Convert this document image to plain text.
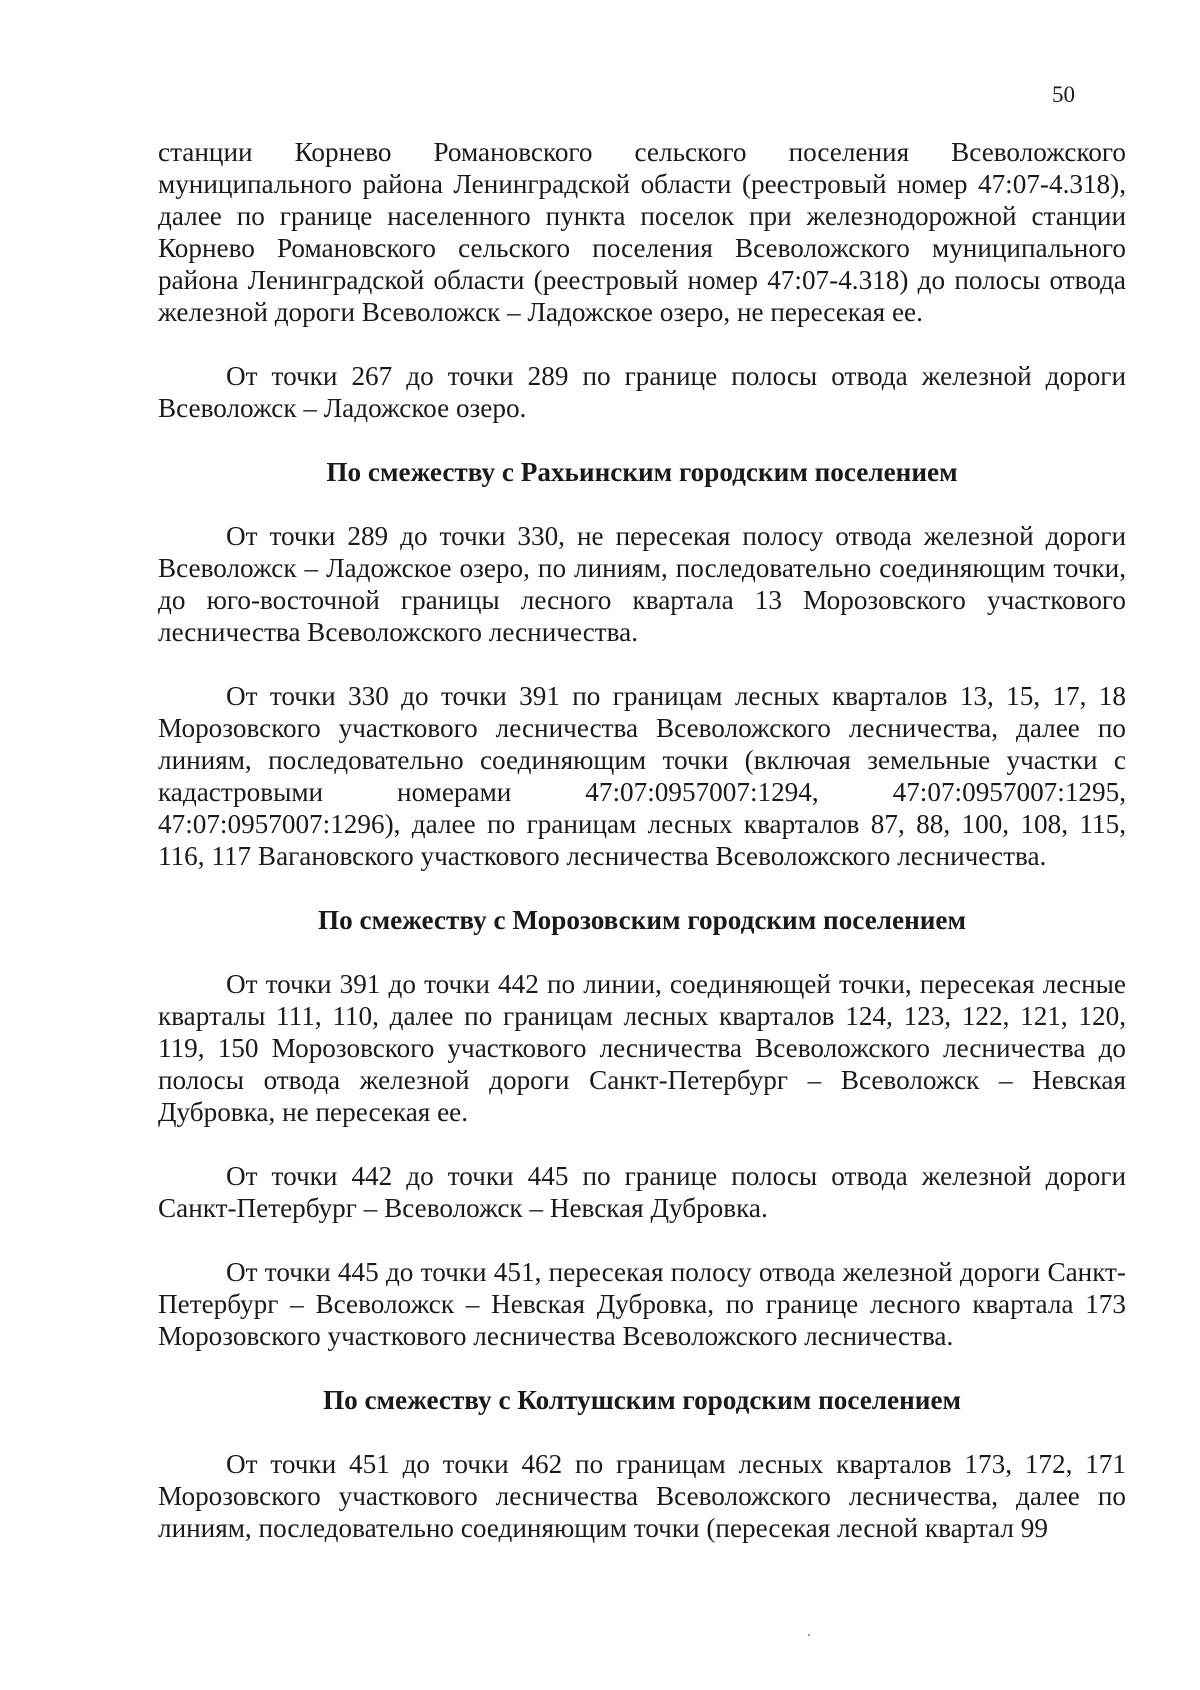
50

станции Корнево Романовского сельского поселения Всеволожского муниципального района Ленинградской области (реестровый номер 47:07-4.318), далее по границе населенного пункта поселок при железнодорожной станции Корнево Романовского сельского поселения Всеволожского муниципального района Ленинградской области (реестровый номер 47:07-4.318) до полосы отвода железной дороги Всеволожск – Ладожское озеро, не пересекая ее.

От точки 267 до точки 289 по границе полосы отвода железной дороги Всеволожск – Ладожское озеро.

По смежеству с Рахьинским городским поселением

От точки 289 до точки 330, не пересекая полосу отвода железной дороги Всеволожск – Ладожское озеро, по линиям, последовательно соединяющим точки, до юго-восточной границы лесного квартала 13 Морозовского участкового лесничества Всеволожского лесничества.

От точки 330 до точки 391 по границам лесных кварталов 13, 15, 17, 18 Морозовского участкового лесничества Всеволожского лесничества, далее по линиям, последовательно соединяющим точки (включая земельные участки с кадастровыми номерами 47:07:0957007:1294, 47:07:0957007:1295, 47:07:0957007:1296), далее по границам лесных кварталов 87, 88, 100, 108, 115, 116, 117 Вагановского участкового лесничества Всеволожского лесничества.

По смежеству с Морозовским городским поселением

От точки 391 до точки 442 по линии, соединяющей точки, пересекая лесные кварталы 111, 110, далее по границам лесных кварталов 124, 123, 122, 121, 120, 119, 150 Морозовского участкового лесничества Всеволожского лесничества до полосы отвода железной дороги Санкт-Петербург – Всеволожск – Невская Дубровка, не пересекая ее.

От точки 442 до точки 445 по границе полосы отвода железной дороги Санкт-Петербург – Всеволожск – Невская Дубровка.

От точки 445 до точки 451, пересекая полосу отвода железной дороги Санкт-Петербург – Всеволожск – Невская Дубровка, по границе лесного квартала 173 Морозовского участкового лесничества Всеволожского лесничества.

По смежеству с Колтушским городским поселением

От точки 451 до точки 462 по границам лесных кварталов 173, 172, 171 Морозовского участкового лесничества Всеволожского лесничества, далее по линиям, последовательно соединяющим точки (пересекая лесной квартал 99
